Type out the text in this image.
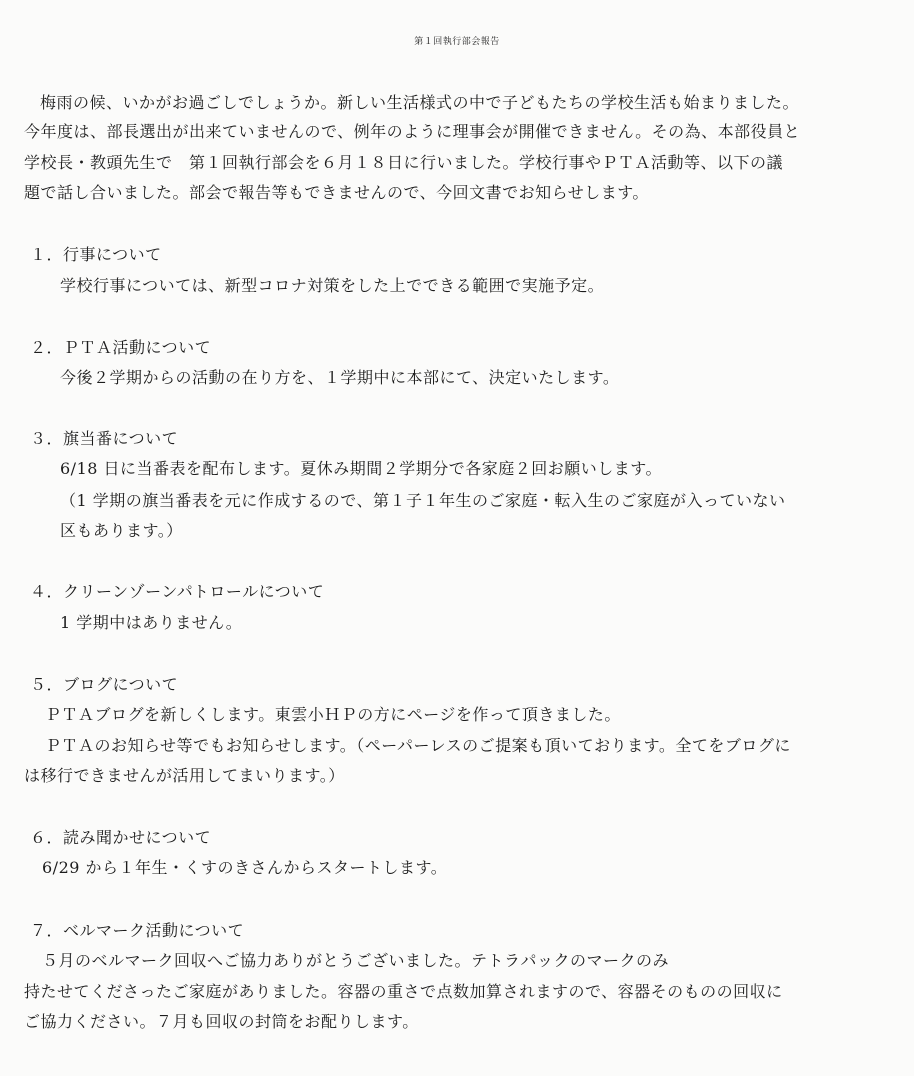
第１回執行部会報告
梅雨の候、いかがお過ごしでしょうか。新しい生活様式の中で子どもたちの学校生活も始まりました。
今年度は、部長選出が出来ていませんので、例年のように理事会が開催できません。その為、本部役員と
学校長・教頭先生で　第１回執行部会を６月１８日に行いました。学校行事やＰＴＡ活動等、以下の議
題で話し合いました。部会で報告等もできませんので、今回文書でお知らせします。
１．行事について
学校行事については、新型コロナ対策をした上でできる範囲で実施予定。
２．ＰＴＡ活動について
今後２学期からの活動の在り方を、１学期中に本部にて、決定いたします。
３．旗当番について
6/18 日に当番表を配布します。夏休み期間２学期分で各家庭２回お願いします。
（1 学期の旗当番表を元に作成するので、第１子１年生のご家庭・転入生のご家庭が入っていない
区もあります。）
４．クリーンゾーンパトロールについて
1 学期中はありません。
５．ブログについて
ＰＴＡブログを新しくします。東雲小ＨＰの方にページを作って頂きました。
ＰＴＡのお知らせ等でもお知らせします。（ペーパーレスのご提案も頂いております。全てをブログに
は移行できませんが活用してまいります。）
６．読み聞かせについて
6/29 から１年生・くすのきさんからスタートします。
７．ベルマーク活動について
５月のベルマーク回収へご協力ありがとうございました。テトラパックのマークのみ
持たせてくださったご家庭がありました。容器の重さで点数加算されますので、容器そのものの回収に
ご協力ください。７月も回収の封筒をお配りします。
